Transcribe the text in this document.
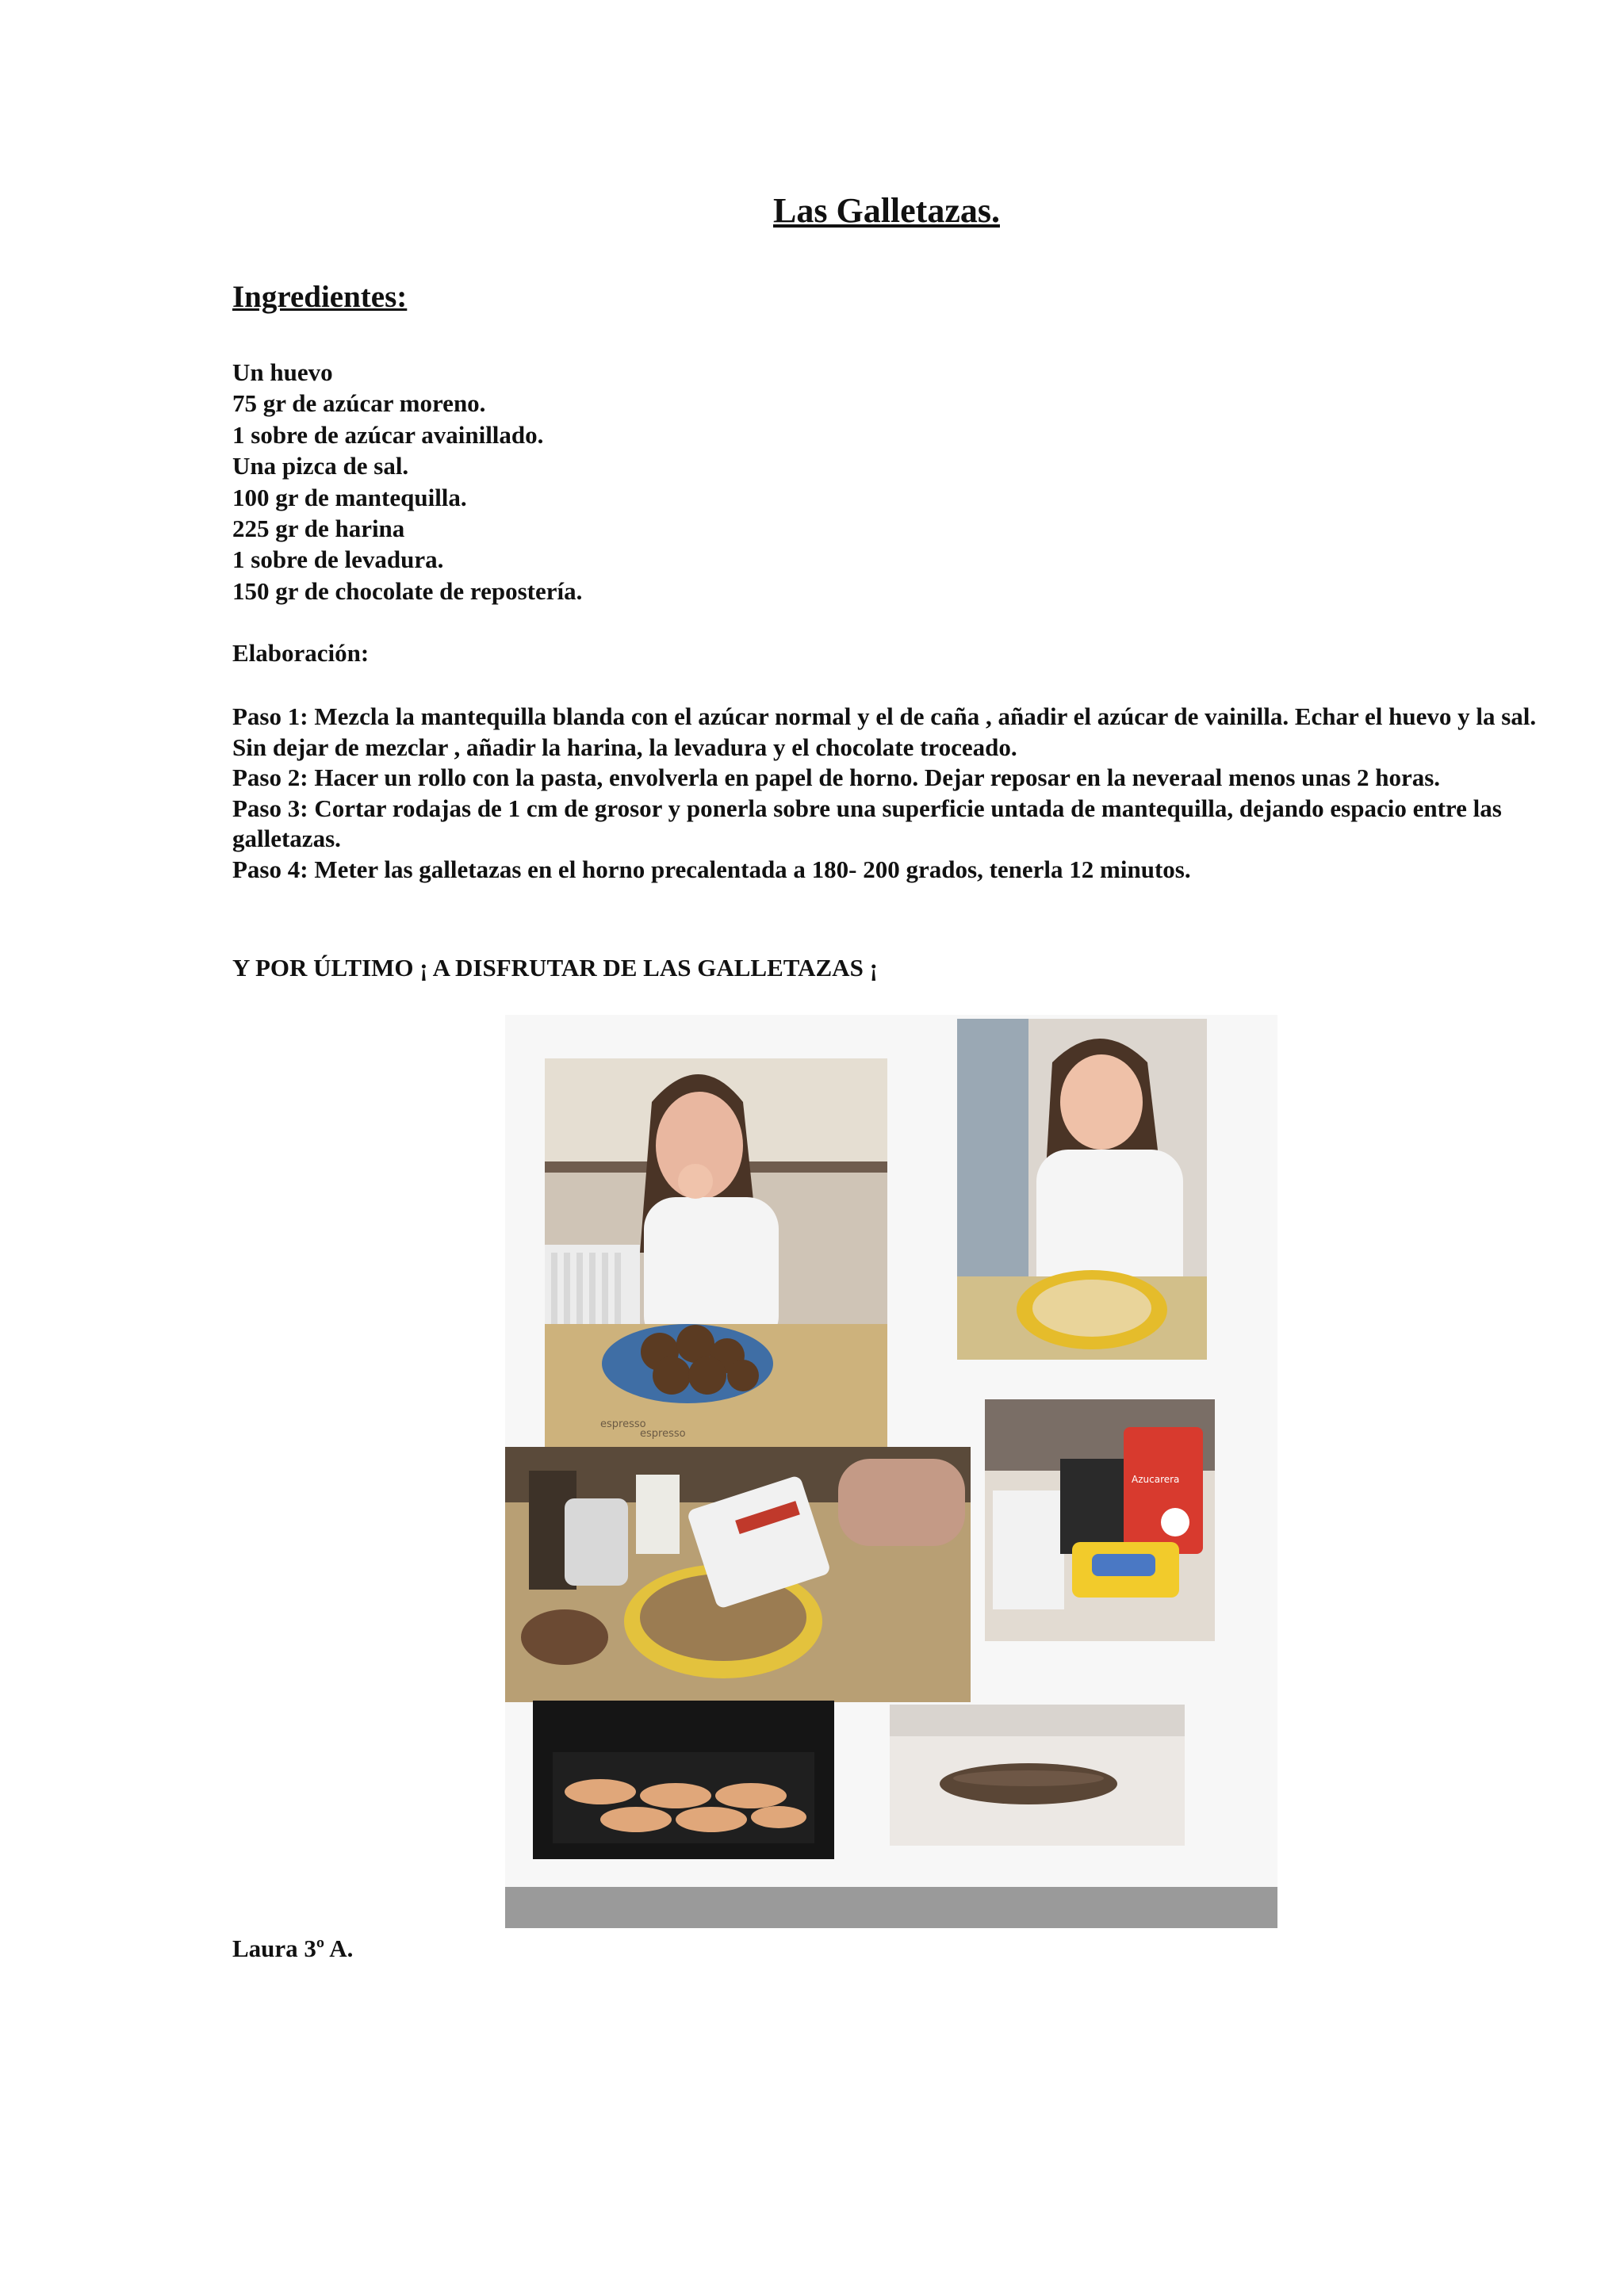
Las Galletazas.
Ingredientes:
Un huevo
75 gr de azúcar moreno.
1 sobre de azúcar avainillado.
Una pizca de sal.
100 gr de mantequilla.
225 gr de harina
1 sobre de levadura.
150 gr de chocolate de repostería.
Elaboración:
Paso 1: Mezcla la mantequilla blanda con el azúcar normal y el de caña , añadir el azúcar de vainilla. Echar el huevo y la sal. Sin dejar de mezclar , añadir la harina, la levadura y el chocolate troceado.
Paso 2: Hacer un rollo con la pasta, envolverla en papel de horno. Dejar reposar en la neveraal menos unas 2 horas.
Paso 3: Cortar rodajas de 1 cm de grosor y ponerla sobre una superficie untada de mantequilla, dejando espacio entre las galletazas.
Paso 4: Meter las galletazas en el horno precalentada a 180- 200 grados, tenerla 12 minutos.

Y POR ÚLTIMO ¡ A DISFRUTAR DE LAS GALLETAZAS ¡

espresso
espresso
Azucarera

Laura 3º A.
